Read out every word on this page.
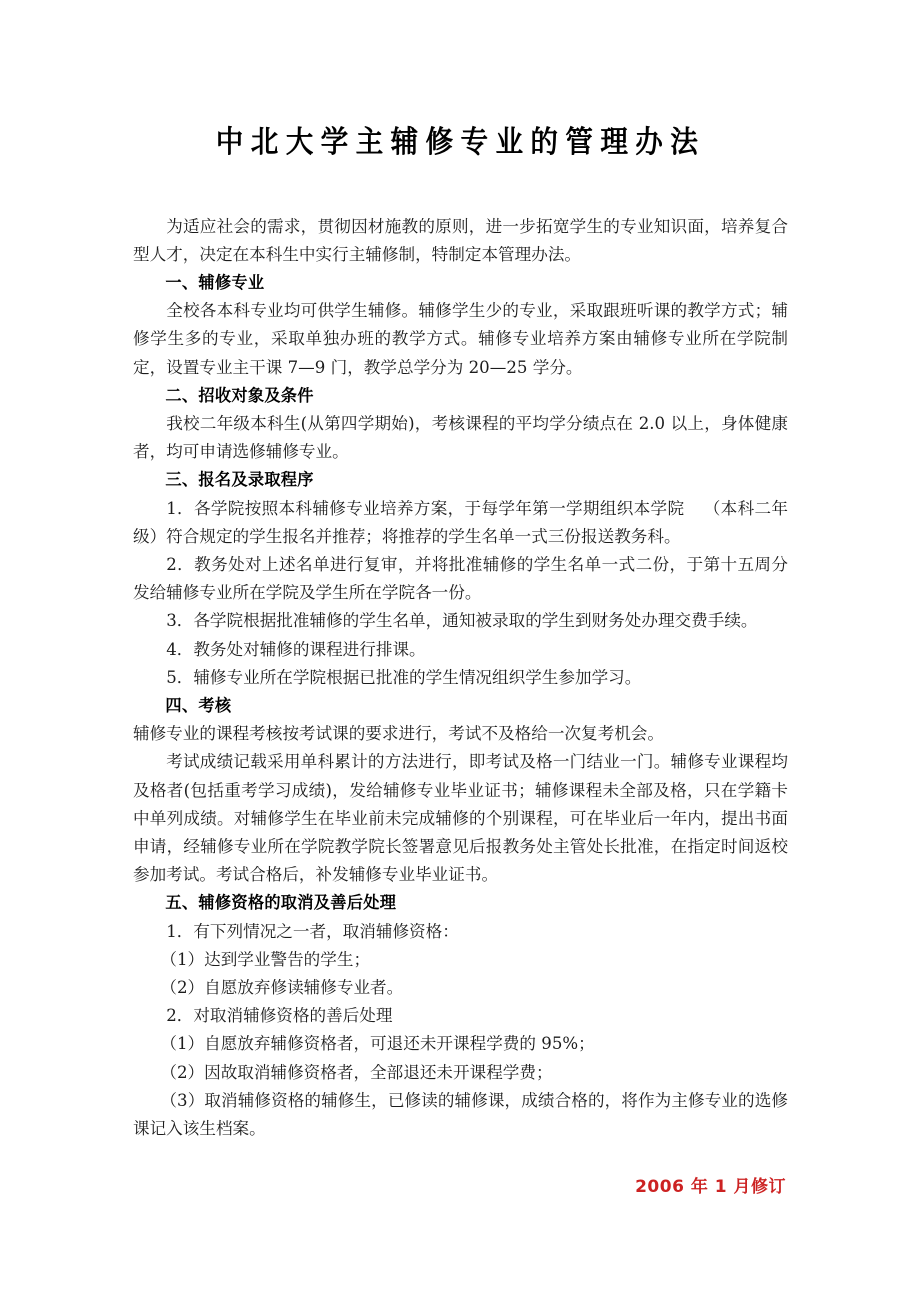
中北大学主辅修专业的管理办法

为适应社会的需求，贯彻因材施教的原则，进一步拓宽学生的专业知识面，培养复合型人才，决定在本科生中实行主辅修制，特制定本管理办法。

一、辅修专业

全校各本科专业均可供学生辅修。辅修学生少的专业，采取跟班听课的教学方式；辅修学生多的专业，采取单独办班的教学方式。辅修专业培养方案由辅修专业所在学院制定，设置专业主干课 7—9 门，教学总学分为 20—25 学分。

二、招收对象及条件

我校二年级本科生(从第四学期始)，考核课程的平均学分绩点在 2.0 以上，身体健康者，均可申请选修辅修专业。

三、报名及录取程序

1．各学院按照本科辅修专业培养方案，于每学年第一学期组织本学院 （本科二年级）符合规定的学生报名并推荐；将推荐的学生名单一式三份报送教务科。

2．教务处对上述名单进行复审，并将批准辅修的学生名单一式二份，于第十五周分发给辅修专业所在学院及学生所在学院各一份。

3．各学院根据批准辅修的学生名单，通知被录取的学生到财务处办理交费手续。

4．教务处对辅修的课程进行排课。

5．辅修专业所在学院根据已批准的学生情况组织学生参加学习。

四、考核

辅修专业的课程考核按考试课的要求进行，考试不及格给一次复考机会。

考试成绩记载采用单科累计的方法进行，即考试及格一门结业一门。辅修专业课程均及格者(包括重考学习成绩)，发给辅修专业毕业证书；辅修课程未全部及格，只在学籍卡中单列成绩。对辅修学生在毕业前未完成辅修的个别课程，可在毕业后一年内，提出书面申请，经辅修专业所在学院教学院长签署意见后报教务处主管处长批准，在指定时间返校参加考试。考试合格后，补发辅修专业毕业证书。

五、辅修资格的取消及善后处理

1．有下列情况之一者，取消辅修资格：

（1）达到学业警告的学生；

（2）自愿放弃修读辅修专业者。

2．对取消辅修资格的善后处理

（1）自愿放弃辅修资格者，可退还未开课程学费的 95%；

（2）因故取消辅修资格者，全部退还未开课程学费；

（3）取消辅修资格的辅修生，已修读的辅修课，成绩合格的，将作为主修专业的选修课记入该生档案。

2006 年 1 月修订
